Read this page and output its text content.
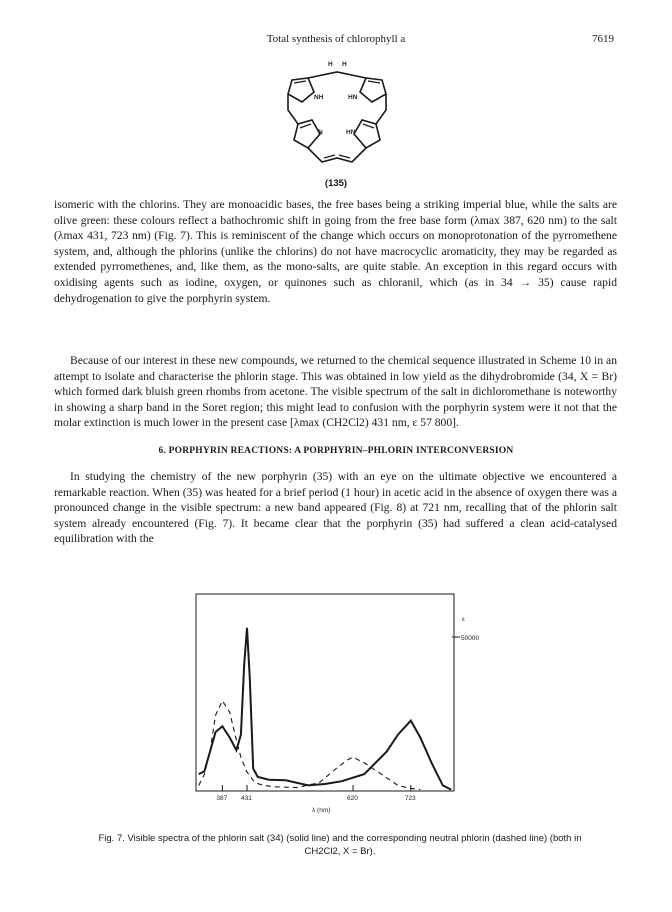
Total synthesis of chlorophyll a	7619
H H
NH	HN
N	HN
(135)
isomeric with the chlorins. They are monoacidic bases, the free bases being a striking imperial blue, while the salts are olive green: these colours reflect a bathochromic shift in going from the free base form (λmax 387, 620 nm) to the salt (λmax 431, 723 nm) (Fig. 7). This is reminiscent of the change which occurs on monoprotonation of the pyrromethene system, and, although the phlorins (unlike the chlorins) do not have macrocyclic aromaticity, they may be regarded as extended pyrromethenes, and, like them, as the mono-salts, are quite stable. An exception in this regard occurs with oxidising agents such as iodine, oxygen, or quinones such as chloranil, which (as in 34 → 35) cause rapid dehydrogenation to give the porphyrin system.
Because of our interest in these new compounds, we returned to the chemical sequence illustrated in Scheme 10 in an attempt to isolate and characterise the phlorin stage. This was obtained in low yield as the dihydrobromide (34, X = Br) which formed dark bluish green rhombs from acetone. The visible spectrum of the salt in dichloromethane is noteworthy in showing a sharp band in the Soret region; this might lead to confusion with the porphyrin system were it not that the molar extinction is much lower in the present case [λmax (CH2Cl2) 431 nm, ε 57 800].
6. PORPHYRIN REACTIONS: A PORPHYRIN–PHLORIN INTERCONVERSION
In studying the chemistry of the new porphyrin (35) with an eye on the ultimate objective we encountered a remarkable reaction. When (35) was heated for a brief period (1 hour) in acetic acid in the absence of oxygen there was a pronounced change in the visible spectrum: a new band appeared (Fig. 8) at 721 nm, recalling that of the phlorin salt system already encountered (Fig. 7). It became clear that the porphyrin (35) had suffered a clean acid-catalysed equilibration with the
387 431	620	723
ε
50000
λ (nm)
Fig. 7. Visible spectra of the phlorin salt (34) (solid line) and the corresponding neutral phlorin (dashed line) (both in CH2Cl2, X = Br).
